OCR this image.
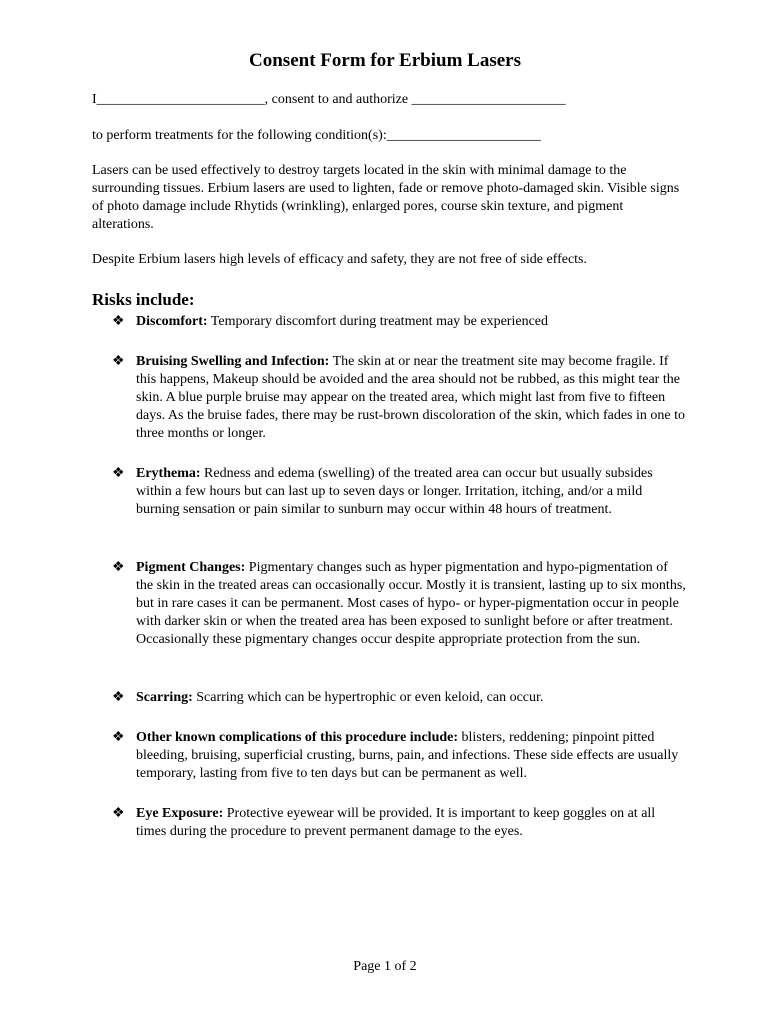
Consent Form for Erbium Lasers

I________________________, consent to and authorize ______________________

to perform treatments for the following condition(s):______________________

Lasers can be used effectively to destroy targets located in the skin with minimal damage to the surrounding tissues. Erbium lasers are used to lighten, fade or remove photo-damaged skin. Visible signs of photo damage include Rhytids (wrinkling), enlarged pores, course skin texture, and pigment alterations.

Despite Erbium lasers high levels of efficacy and safety, they are not free of side effects.

Risks include:
❖ Discomfort: Temporary discomfort during treatment may be experienced
❖ Bruising Swelling and Infection: The skin at or near the treatment site may become fragile. If this happens, Makeup should be avoided and the area should not be rubbed, as this might tear the skin. A blue purple bruise may appear on the treated area, which might last from five to fifteen days. As the bruise fades, there may be rust-brown discoloration of the skin, which fades in one to three months or longer.
❖ Erythema: Redness and edema (swelling) of the treated area can occur but usually subsides within a few hours but can last up to seven days or longer. Irritation, itching, and/or a mild burning sensation or pain similar to sunburn may occur within 48 hours of treatment.
❖ Pigment Changes: Pigmentary changes such as hyper pigmentation and hypo-pigmentation of the skin in the treated areas can occasionally occur. Mostly it is transient, lasting up to six months, but in rare cases it can be permanent. Most cases of hypo- or hyper-pigmentation occur in people with darker skin or when the treated area has been exposed to sunlight before or after treatment. Occasionally these pigmentary changes occur despite appropriate protection from the sun.
❖ Scarring: Scarring which can be hypertrophic or even keloid, can occur.
❖ Other known complications of this procedure include: blisters, reddening; pinpoint pitted bleeding, bruising, superficial crusting, burns, pain, and infections. These side effects are usually temporary, lasting from five to ten days but can be permanent as well.
❖ Eye Exposure: Protective eyewear will be provided. It is important to keep goggles on at all times during the procedure to prevent permanent damage to the eyes.
Page 1 of 2
